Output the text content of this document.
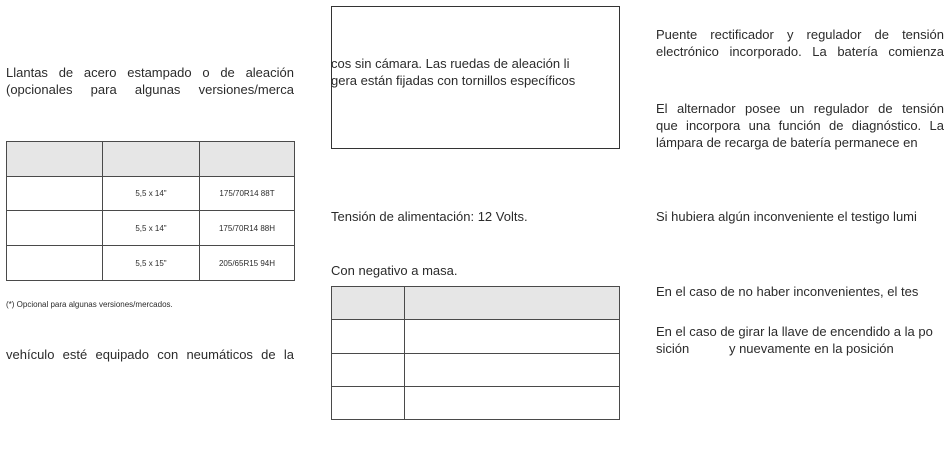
Llantas de acero estampado o de aleación
(opcionales para algunas versiones/merca

	5,5 x 14"	175/70R14 88T
	5,5 x 14"	175/70R14 88H
	5,5 x 15"	205/65R15 94H
(*) Opcional para algunas versiones/mercados.
vehículo esté equipado con neumáticos de la
cos sin cámara. Las ruedas de aleación li
gera están fijadas con tornillos específicos
Tensión de alimentación: 12 Volts.
Con negativo a masa.

Puente rectificador y regulador de tensión
electrónico incorporado. La batería comienza
El alternador posee un regulador de tensión
que incorpora una función de diagnóstico. La
lámpara de recarga de batería permanece en
Si hubiera algún inconveniente el testigo lumi
En el caso de no haber inconvenientes, el tes
En el caso de girar la llave de encendido a la po
sición           y nuevamente en la posición
